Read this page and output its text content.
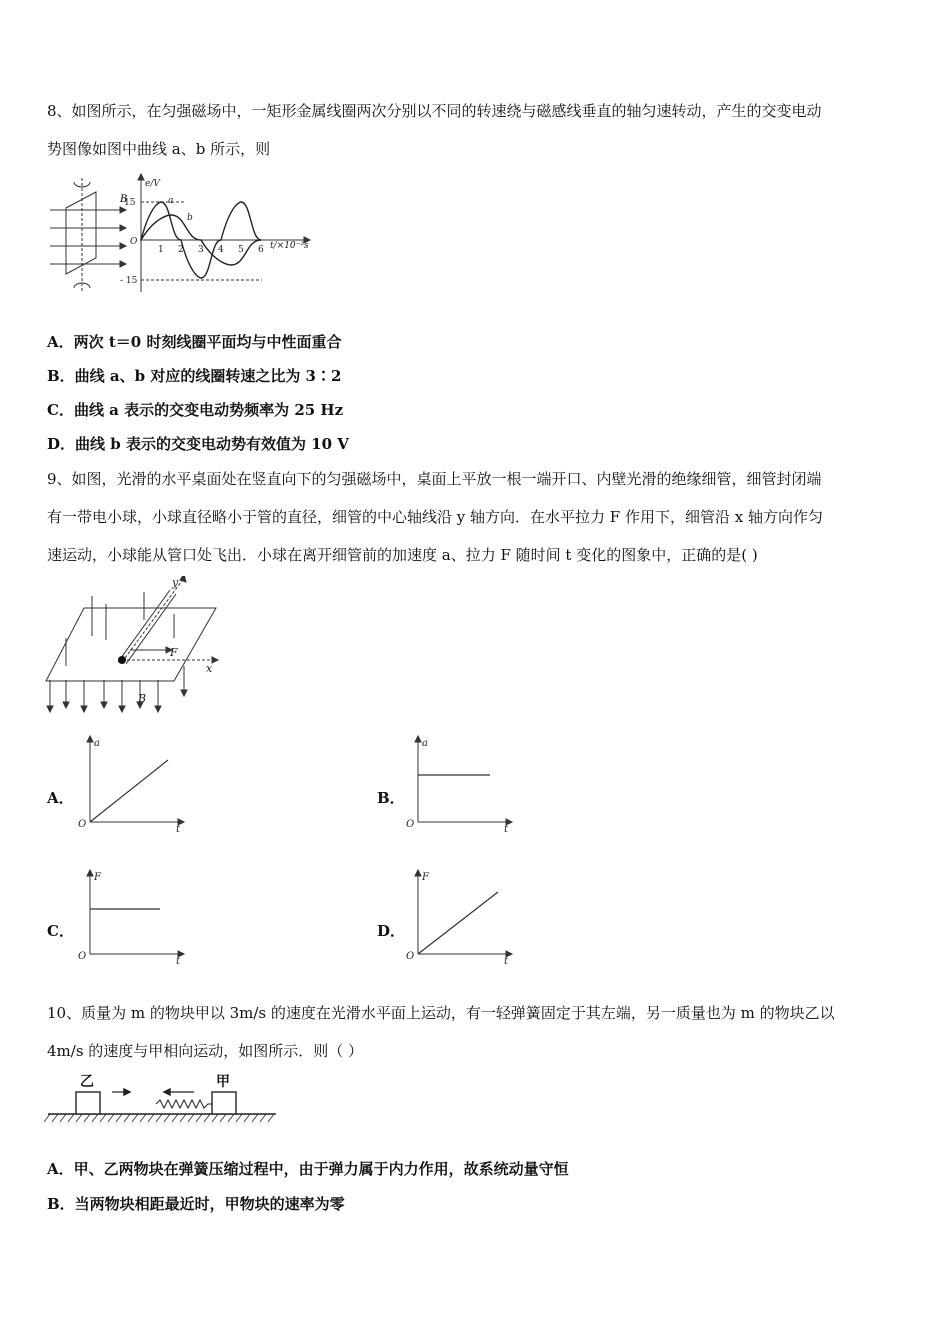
8、如图所示，在匀强磁场中，一矩形金属线圈两次分别以不同的转速绕与磁感线垂直的轴匀速转动，产生的交变电动
势图像如图中曲线 a、b 所示，则
B
e/V
t/×10⁻²s
15
- 15
O
a
b
1 2 3 4 5 6
A．两次 t＝0 时刻线圈平面均与中性面重合
B．曲线 a、b 对应的线圈转速之比为 3∶2
C．曲线 a 表示的交变电动势频率为 25 Hz
D．曲线 b 表示的交变电动势有效值为 10 V
9、如图，光滑的水平桌面处在竖直向下的匀强磁场中，桌面上平放一根一端开口、内壁光滑的绝缘细管，细管封闭端
有一带电小球，小球直径略小于管的直径，细管的中心轴线沿 y 轴方向．在水平拉力 F 作用下，细管沿 x 轴方向作匀
速运动，小球能从管口处飞出．小球在离开细管前的加速度 a、拉力 F 随时间 t 变化的图象中，正确的是( )
y
x
F
B
A．
a
t
O
B．
a
t
O
C．
F
t
O
D．
F
t
O
10、质量为 m 的物块甲以 3m/s 的速度在光滑水平面上运动，有一轻弹簧固定于其左端，另一质量也为 m 的物块乙以
4m/s 的速度与甲相向运动，如图所示．则（ ）
乙	甲
A．甲、乙两物块在弹簧压缩过程中，由于弹力属于内力作用，故系统动量守恒
B．当两物块相距最近时，甲物块的速率为零
